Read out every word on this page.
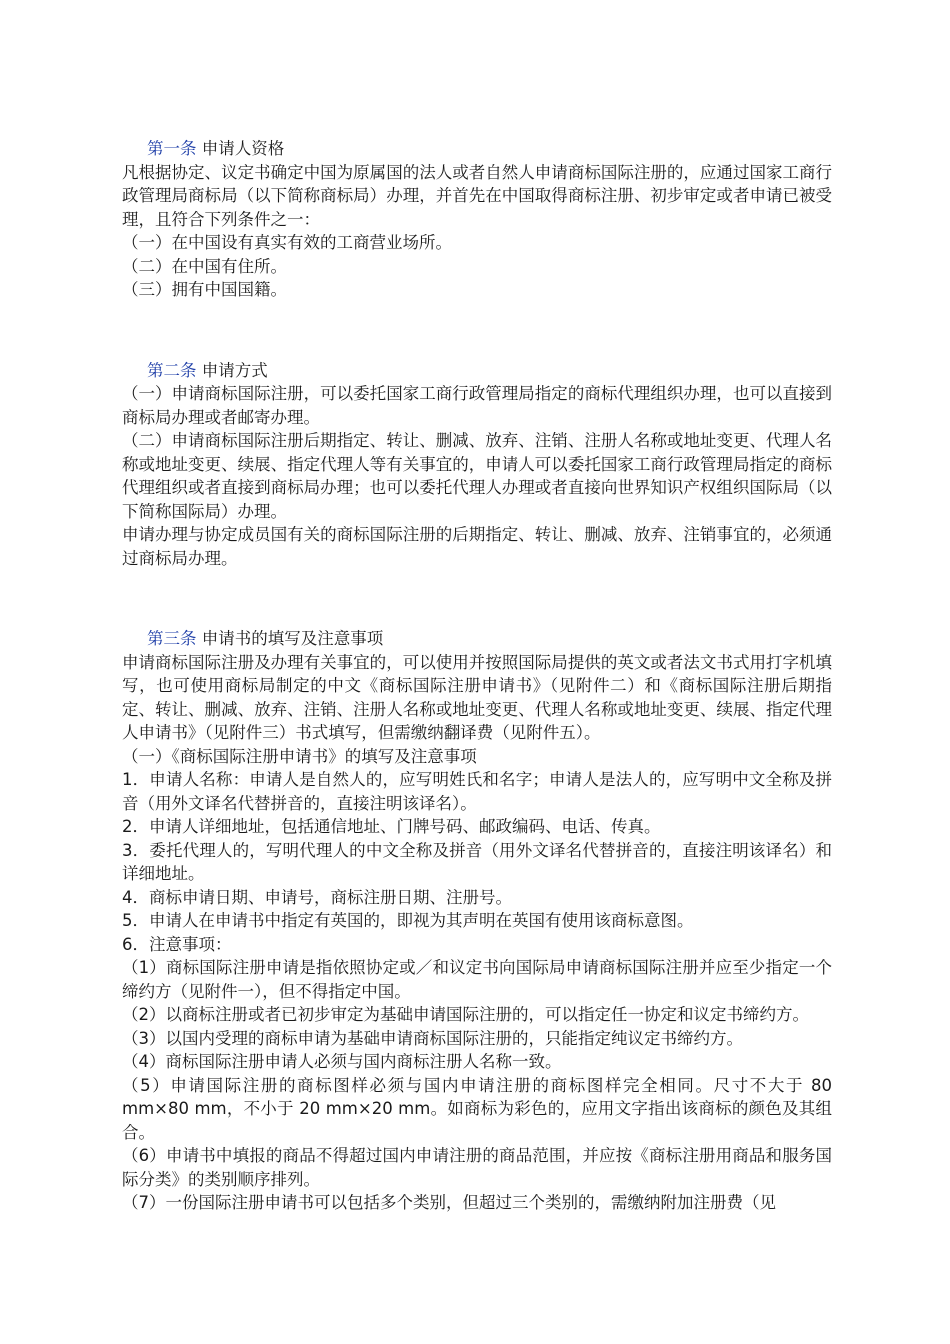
第一条 申请人资格

凡根据协定、议定书确定中国为原属国的法人或者自然人申请商标国际注册的，应通过国家工商行政管理局商标局（以下简称商标局）办理，并首先在中国取得商标注册、初步审定或者申请已被受理，且符合下列条件之一：

（一）在中国设有真实有效的工商营业场所。

（二）在中国有住所。

（三）拥有中国国籍。

第二条 申请方式

（一）申请商标国际注册，可以委托国家工商行政管理局指定的商标代理组织办理，也可以直接到商标局办理或者邮寄办理。

（二）申请商标国际注册后期指定、转让、删减、放弃、注销、注册人名称或地址变更、代理人名称或地址变更、续展、指定代理人等有关事宜的，申请人可以委托国家工商行政管理局指定的商标代理组织或者直接到商标局办理；也可以委托代理人办理或者直接向世界知识产权组织国际局（以下简称国际局）办理。

申请办理与协定成员国有关的商标国际注册的后期指定、转让、删减、放弃、注销事宜的，必须通过商标局办理。

第三条 申请书的填写及注意事项

申请商标国际注册及办理有关事宜的，可以使用并按照国际局提供的英文或者法文书式用打字机填写，也可使用商标局制定的中文《商标国际注册申请书》（见附件二）和《商标国际注册后期指定、转让、删减、放弃、注销、注册人名称或地址变更、代理人名称或地址变更、续展、指定代理人申请书》（见附件三）书式填写，但需缴纳翻译费（见附件五）。

（一）《商标国际注册申请书》的填写及注意事项

1．申请人名称：申请人是自然人的，应写明姓氏和名字；申请人是法人的，应写明中文全称及拼音（用外文译名代替拼音的，直接注明该译名）。

2．申请人详细地址，包括通信地址、门牌号码、邮政编码、电话、传真。

3．委托代理人的，写明代理人的中文全称及拼音（用外文译名代替拼音的，直接注明该译名）和详细地址。

4．商标申请日期、申请号，商标注册日期、注册号。

5．申请人在申请书中指定有英国的，即视为其声明在英国有使用该商标意图。

6．注意事项：

（1）商标国际注册申请是指依照协定或／和议定书向国际局申请商标国际注册并应至少指定一个缔约方（见附件一），但不得指定中国。

（2）以商标注册或者已初步审定为基础申请国际注册的，可以指定任一协定和议定书缔约方。

（3）以国内受理的商标申请为基础申请商标国际注册的，只能指定纯议定书缔约方。

（4）商标国际注册申请人必须与国内商标注册人名称一致。

（5）申请国际注册的商标图样必须与国内申请注册的商标图样完全相同。尺寸不大于 80 mm×80 mm，不小于 20 mm×20 mm。如商标为彩色的，应用文字指出该商标的颜色及其组合。

（6）申请书中填报的商品不得超过国内申请注册的商品范围，并应按《商标注册用商品和服务国际分类》的类别顺序排列。

（7）一份国际注册申请书可以包括多个类别，但超过三个类别的，需缴纳附加注册费（见
